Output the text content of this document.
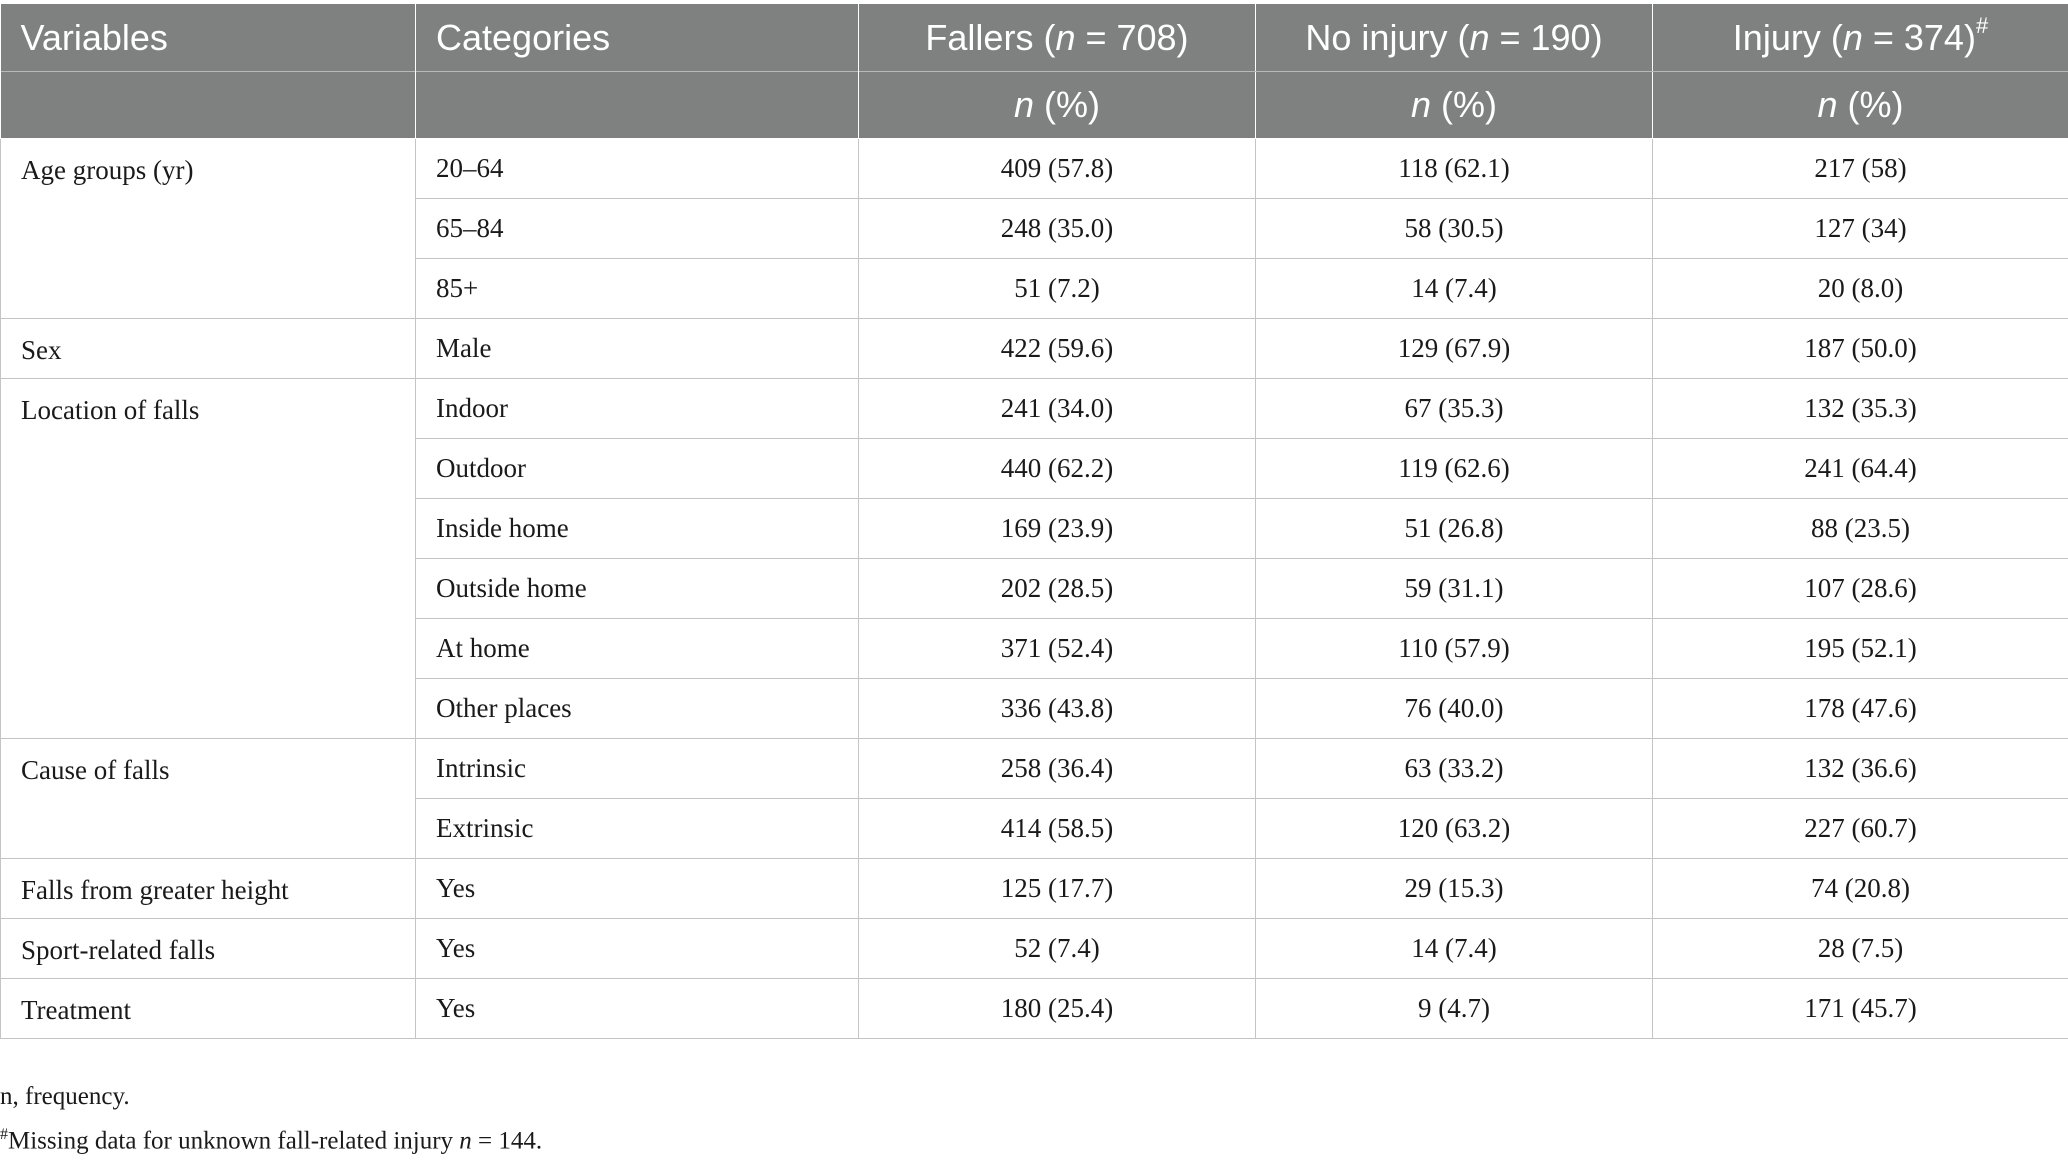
Variables	Categories	Fallers (n = 708)	No injury (n = 190)	Injury (n = 374)#
		n (%)	n (%)	n (%)
Age groups (yr)	20–64	409 (57.8)	118 (62.1)	217 (58)
	65–84	248 (35.0)	58 (30.5)	127 (34)
	85+	51 (7.2)	14 (7.4)	20 (8.0)
Sex	Male	422 (59.6)	129 (67.9)	187 (50.0)
Location of falls	Indoor	241 (34.0)	67 (35.3)	132 (35.3)
	Outdoor	440 (62.2)	119 (62.6)	241 (64.4)
	Inside home	169 (23.9)	51 (26.8)	88 (23.5)
	Outside home	202 (28.5)	59 (31.1)	107 (28.6)
	At home	371 (52.4)	110 (57.9)	195 (52.1)
	Other places	336 (43.8)	76 (40.0)	178 (47.6)
Cause of falls	Intrinsic	258 (36.4)	63 (33.2)	132 (36.6)
	Extrinsic	414 (58.5)	120 (63.2)	227 (60.7)
Falls from greater height	Yes	125 (17.7)	29 (15.3)	74 (20.8)
Sport-related falls	Yes	52 (7.4)	14 (7.4)	28 (7.5)
Treatment	Yes	180 (25.4)	9 (4.7)	171 (45.7)

n, frequency.

#Missing data for unknown fall-related injury n = 144.
